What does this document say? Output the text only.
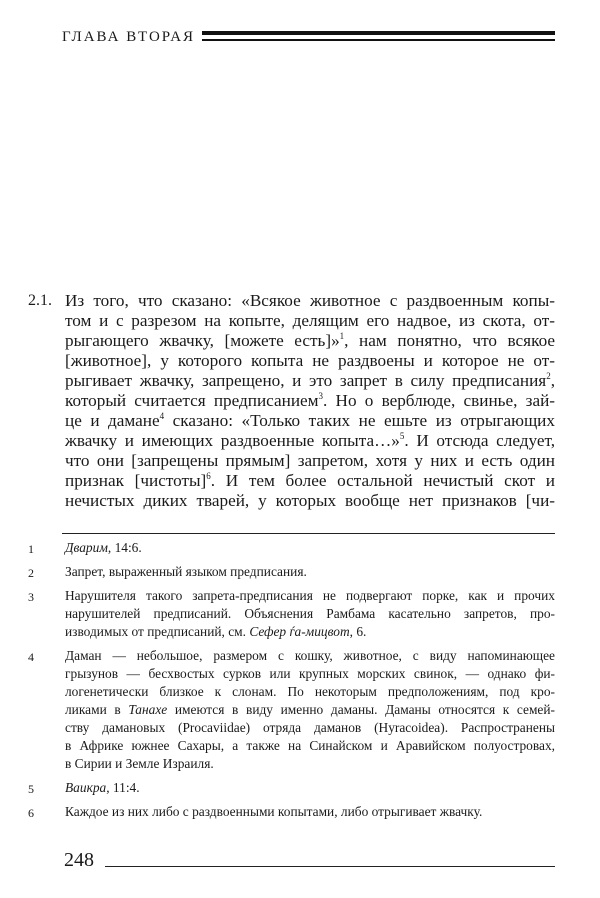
ГЛАВА ВТОРАЯ
2.1. Из того, что сказано: «Всякое животное с раздвоенным копы-
том и с разрезом на копыте, делящим его надвое, из скота, от-
рыгающего жвачку, [можете есть]»$^1$, нам понятно, что всякое
[животное], у которого копыта не раздвоены и которое не от-
рыгивает жвачку, запрещено, и это запрет в силу предписания$^2$,
который считается предписанием$^3$. Но о верблюде, свинье, зай-
це и дамане$^4$ сказано: «Только таких не ешьте из отрыгающих
жвачку и имеющих раздвоенные копыта…»$^5$. И отсюда следует,
что они [запрещены прямым] запретом, хотя у них и есть один
признак [чистоты]$^6$. И тем более остальной нечистый скот и
нечистых диких тварей, у которых вообще нет признаков [чи-
1 Дварим, 14:6.
2 Запрет, выраженный языком предписания.
3 Нарушителя такого запрета-предписания не подвергают порке, как и прочих
нарушителей предписаний. Объяснения Рамбама касательно запретов, про-
изводимых от предписаний, см. Сефер ѓа-мицвот, 6.
4 Даман — небольшое, размером с кошку, животное, с виду напоминающее
грызунов — бесхвостых сурков или крупных морских свинок, — однако фи-
логенетически близкое к слонам. По некоторым предположениям, под кро-
ликами в Танахе имеются в виду именно даманы. Даманы относятся к семей-
ству дамановых (Procaviidae) отряда даманов (Hyracoidea). Распространены
в Африке южнее Сахары, а также на Синайском и Аравийском полуостровах,
в Сирии и Земле Израиля.
5 Ваикра, 11:4.
6 Каждое из них либо с раздвоенными копытами, либо отрыгивает жвачку.
248
